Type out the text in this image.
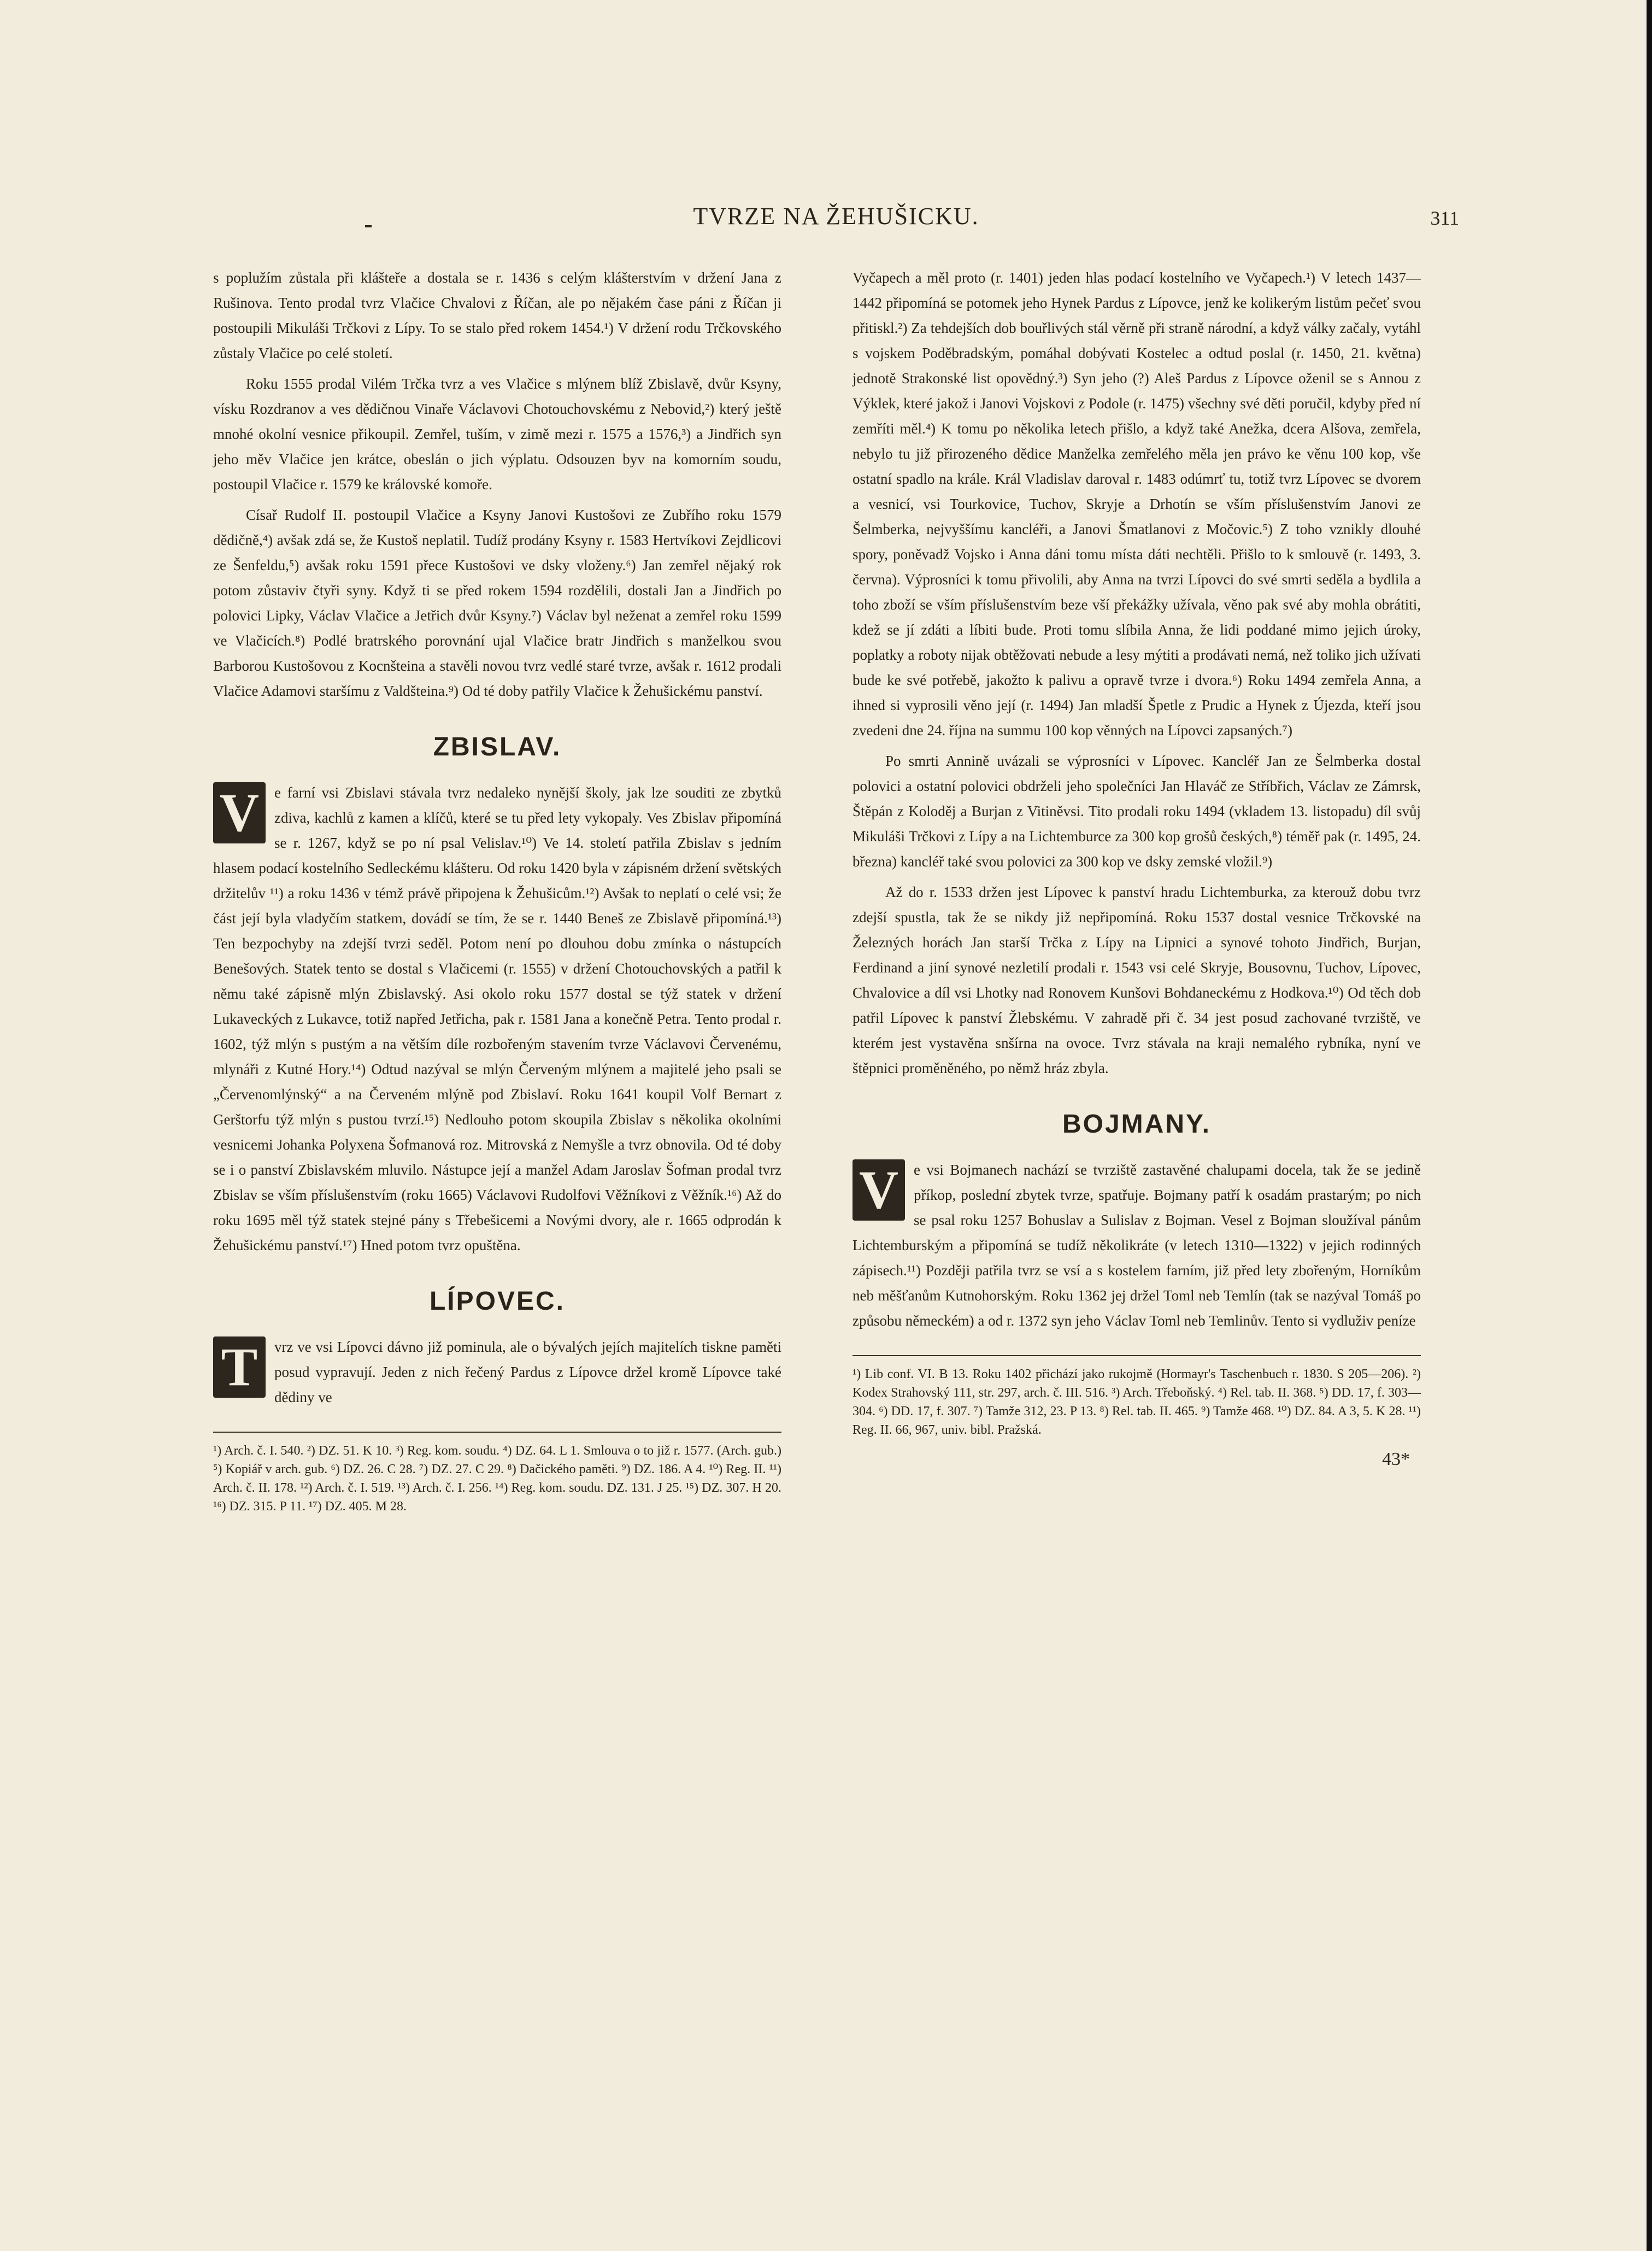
TVRZE NA ŽEHUŠICKU.	311

s poplužím zůstala při klášteře a dostala se r. 1436 s celým klášterstvím v držení Jana z Rušinova. Tento prodal tvrz Vlačice Chvalovi z Říčan, ale po nějakém čase páni z Říčan ji postoupili Mikuláši Trčkovi z Lípy. To se stalo před rokem 1454.¹) V držení rodu Trčkovského zůstaly Vlačice po celé století.

Roku 1555 prodal Vilém Trčka tvrz a ves Vlačice s mlýnem blíž Zbislavě, dvůr Ksyny, vísku Rozdranov a ves dědičnou Vinaře Václavovi Chotouchovskému z Nebovid,²) který ještě mnohé okolní vesnice přikoupil. Zemřel, tuším, v zimě mezi r. 1575 a 1576,³) a Jindřich syn jeho měv Vlačice jen krátce, obeslán o jich výplatu. Odsouzen byv na komorním soudu, postoupil Vlačice r. 1579 ke královské komoře.

Císař Rudolf II. postoupil Vlačice a Ksyny Janovi Kustošovi ze Zubřího roku 1579 dědičně,⁴) avšak zdá se, že Kustoš neplatil. Tudíž prodány Ksyny r. 1583 Hertvíkovi Zejdlicovi ze Šenfeldu,⁵) avšak roku 1591 přece Kustošovi ve dsky vloženy.⁶) Jan zemřel nějaký rok potom zůstaviv čtyři syny. Když ti se před rokem 1594 rozdělili, dostali Jan a Jindřich po polovici Lipky, Václav Vlačice a Jetřich dvůr Ksyny.⁷) Václav byl neženat a zemřel roku 1599 ve Vlačicích.⁸) Podlé bratrského porovnání ujal Vlačice bratr Jindřich s manželkou svou Barborou Kustošovou z Kocnšteina a stavěli novou tvrz vedlé staré tvrze, avšak r. 1612 prodali Vlačice Adamovi staršímu z Valdšteina.⁹) Od té doby patřily Vlačice k Žehušickému panství.

ZBISLAV.
V	e farní vsi Zbislavi stávala tvrz nedaleko nynější školy, jak lze souditi ze zbytků zdiva, kachlů z kamen a klíčů, které se tu před lety vykopaly. Ves Zbislav připomíná se r. 1267, když se po ní psal Velislav.¹⁰) Ve 14. století patřila Zbislav s jedním hlasem podací kostelního Sedleckému klášteru. Od roku 1420 byla v zápisném držení světských držitelův ¹¹) a roku 1436 v témž právě připojena k Žehušicům.¹²) Avšak to neplatí o celé vsi; že část její byla vladyčím statkem, dovádí se tím, že se r. 1440 Beneš ze Zbislavě připomíná.¹³) Ten bezpochyby na zdejší tvrzi seděl. Potom není po dlouhou dobu zmínka o nástupcích Benešových. Statek tento se dostal s Vlačicemi (r. 1555) v držení Chotouchovských a patřil k němu také zápisně mlýn Zbislavský. Asi okolo roku 1577 dostal se týž statek v držení Lukaveckých z Lukavce, totiž napřed Jetřicha, pak r. 1581 Jana a konečně Petra. Tento prodal r. 1602, týž mlýn s pustým a na větším díle rozbořeným stavením tvrze Václavovi Červenému, mlynáři z Kutné Hory.¹⁴) Odtud nazýval se mlýn Červeným mlýnem a majitelé jeho psali se „Červenomlýnský“ a na Červeném mlýně pod Zbislaví. Roku 1641 koupil Volf Bernart z Gerštorfu týž mlýn s pustou tvrzí.¹⁵) Nedlouho potom skoupila Zbislav s několika okolními vesnicemi Johanka Polyxena Šofmanová roz. Mitrovská z Nemyšle a tvrz obnovila. Od té doby se i o panství Zbislavském mluvilo. Nástupce její a manžel Adam Jaroslav Šofman prodal tvrz Zbislav se vším příslušenstvím (roku 1665) Václavovi Rudolfovi Věžníkovi z Věžník.¹⁶) Až do roku 1695 měl týž statek stejné pány s Třebešicemi a Novými dvory, ale r. 1665 odprodán k Žehušickému panství.¹⁷) Hned potom tvrz opuštěna.

LÍPOVEC.
T	vrz ve vsi Lípovci dávno již pominula, ale o bývalých jejích majitelích tiskne paměti posud vypravují. Jeden z nich řečený Pardus z Lípovce držel kromě Lípovce také dědiny ve

¹) Arch. č. I. 540. ²) DZ. 51. K 10. ³) Reg. kom. soudu. ⁴) DZ. 64. L 1. Smlouva o to již r. 1577. (Arch. gub.) ⁵) Kopiář v arch. gub. ⁶) DZ. 26. C 28. ⁷) DZ. 27. C 29. ⁸) Dačického paměti. ⁹) DZ. 186. A 4. ¹⁰) Reg. II. ¹¹) Arch. č. II. 178. ¹²) Arch. č. I. 519. ¹³) Arch. č. I. 256. ¹⁴) Reg. kom. soudu. DZ. 131. J 25. ¹⁵) DZ. 307. H 20. ¹⁶) DZ. 315. P 11. ¹⁷) DZ. 405. M 28.

Vyčapech a měl proto (r. 1401) jeden hlas podací kostelního ve Vyčapech.¹) V letech 1437—1442 připomíná se potomek jeho Hynek Pardus z Lípovce, jenž ke kolikerým listům pečeť svou přitiskl.²) Za tehdejších dob bouřlivých stál věrně při straně národní, a když války začaly, vytáhl s vojskem Poděbradským, pomáhal dobývati Kostelec a odtud poslal (r. 1450, 21. května) jednotě Strakonské list opovědný.³) Syn jeho (?) Aleš Pardus z Lípovce oženil se s Annou z Výklek, které jakož i Janovi Vojskovi z Podole (r. 1475) všechny své děti poručil, kdyby před ní zemříti měl.⁴) K tomu po několika letech přišlo, a když také Anežka, dcera Alšova, zemřela, nebylo tu již přirozeného dědice Manželka zemřelého měla jen právo ke věnu 100 kop, vše ostatní spadlo na krále. Král Vladislav daroval r. 1483 odúmrť tu, totiž tvrz Lípovec se dvorem a vesnicí, vsi Tourkovice, Tuchov, Skryje a Drhotín se vším příslušenstvím Janovi ze Šelmberka, nejvyššímu kancléři, a Janovi Šmatlanovi z Močovic.⁵) Z toho vznikly dlouhé spory, poněvadž Vojsko i Anna dáni tomu místa dáti nechtěli. Přišlo to k smlouvě (r. 1493, 3. června). Výprosníci k tomu přivolili, aby Anna na tvrzi Lípovci do své smrti seděla a bydlila a toho zboží se vším příslušenstvím beze vší překážky užívala, věno pak své aby mohla obrátiti, kdež se jí zdáti a líbiti bude. Proti tomu slíbila Anna, že lidi poddané mimo jejich úroky, poplatky a roboty nijak obtěžovati nebude a lesy mýtiti a prodávati nemá, než toliko jich užívati bude ke své potřebě, jakožto k palivu a opravě tvrze i dvora.⁶) Roku 1494 zemřela Anna, a ihned si vyprosili věno její (r. 1494) Jan mladší Špetle z Prudic a Hynek z Újezda, kteří jsou zvedeni dne 24. října na summu 100 kop věnných na Lípovci zapsaných.⁷)

Po smrti Annině uvázali se výprosníci v Lípovec. Kancléř Jan ze Šelmberka dostal polovici a ostatní polovici obdrželi jeho společníci Jan Hlaváč ze Stříbřich, Václav ze Zámrsk, Štěpán z Koloděj a Burjan z Vitiněvsi. Tito prodali roku 1494 (vkladem 13. listopadu) díl svůj Mikuláši Trčkovi z Lípy a na Lichtemburce za 300 kop grošů českých,⁸) téměř pak (r. 1495, 24. března) kancléř také svou polovici za 300 kop ve dsky zemské vložil.⁹)

Až do r. 1533 držen jest Lípovec k panství hradu Lichtemburka, za kterouž dobu tvrz zdejší spustla, tak že se nikdy již nepřipomíná. Roku 1537 dostal vesnice Trčkovské na Železných horách Jan starší Trčka z Lípy na Lipnici a synové tohoto Jindřich, Burjan, Ferdinand a jiní synové nezletilí prodali r. 1543 vsi celé Skryje, Bousovnu, Tuchov, Lípovec, Chvalovice a díl vsi Lhotky nad Ronovem Kunšovi Bohdaneckému z Hodkova.¹⁰) Od těch dob patřil Lípovec k panství Žlebskému. V zahradě při č. 34 jest posud zachované tvrziště, ve kterém jest vystavěna snšírna na ovoce. Tvrz stávala na kraji nemalého rybníka, nyní ve štěpnici proměněného, po němž hráz zbyla.

BOJMANY.
V	e vsi Bojmanech nachází se tvrziště zastavěné chalupami docela, tak že se jedině příkop, poslední zbytek tvrze, spatřuje. Bojmany patří k osadám prastarým; po nich se psal roku 1257 Bohuslav a Sulislav z Bojman. Vesel z Bojman sloužíval pánům Lichtemburským a připomíná se tudíž několikráte (v letech 1310—1322) v jejich rodinných zápisech.¹¹) Později patřila tvrz se vsí a s kostelem farním, již před lety zbořeným, Horníkům neb měšťanům Kutnohorským. Roku 1362 jej držel Toml neb Temlín (tak se nazýval Tomáš po způsobu německém) a od r. 1372 syn jeho Václav Toml neb Temlinův. Tento si vydluživ peníze

¹) Lib conf. VI. B 13. Roku 1402 přichází jako rukojmě (Hormayr's Taschenbuch r. 1830. S 205—206). ²) Kodex Strahovský 111, str. 297, arch. č. III. 516. ³) Arch. Třeboňský. ⁴) Rel. tab. II. 368. ⁵) DD. 17, f. 303—304. ⁶) DD. 17, f. 307. ⁷) Tamže 312, 23. P 13. ⁸) Rel. tab. II. 465. ⁹) Tamže 468. ¹⁰) DZ. 84. A 3, 5. K 28. ¹¹) Reg. II. 66, 967, univ. bibl. Pražská.
43*
